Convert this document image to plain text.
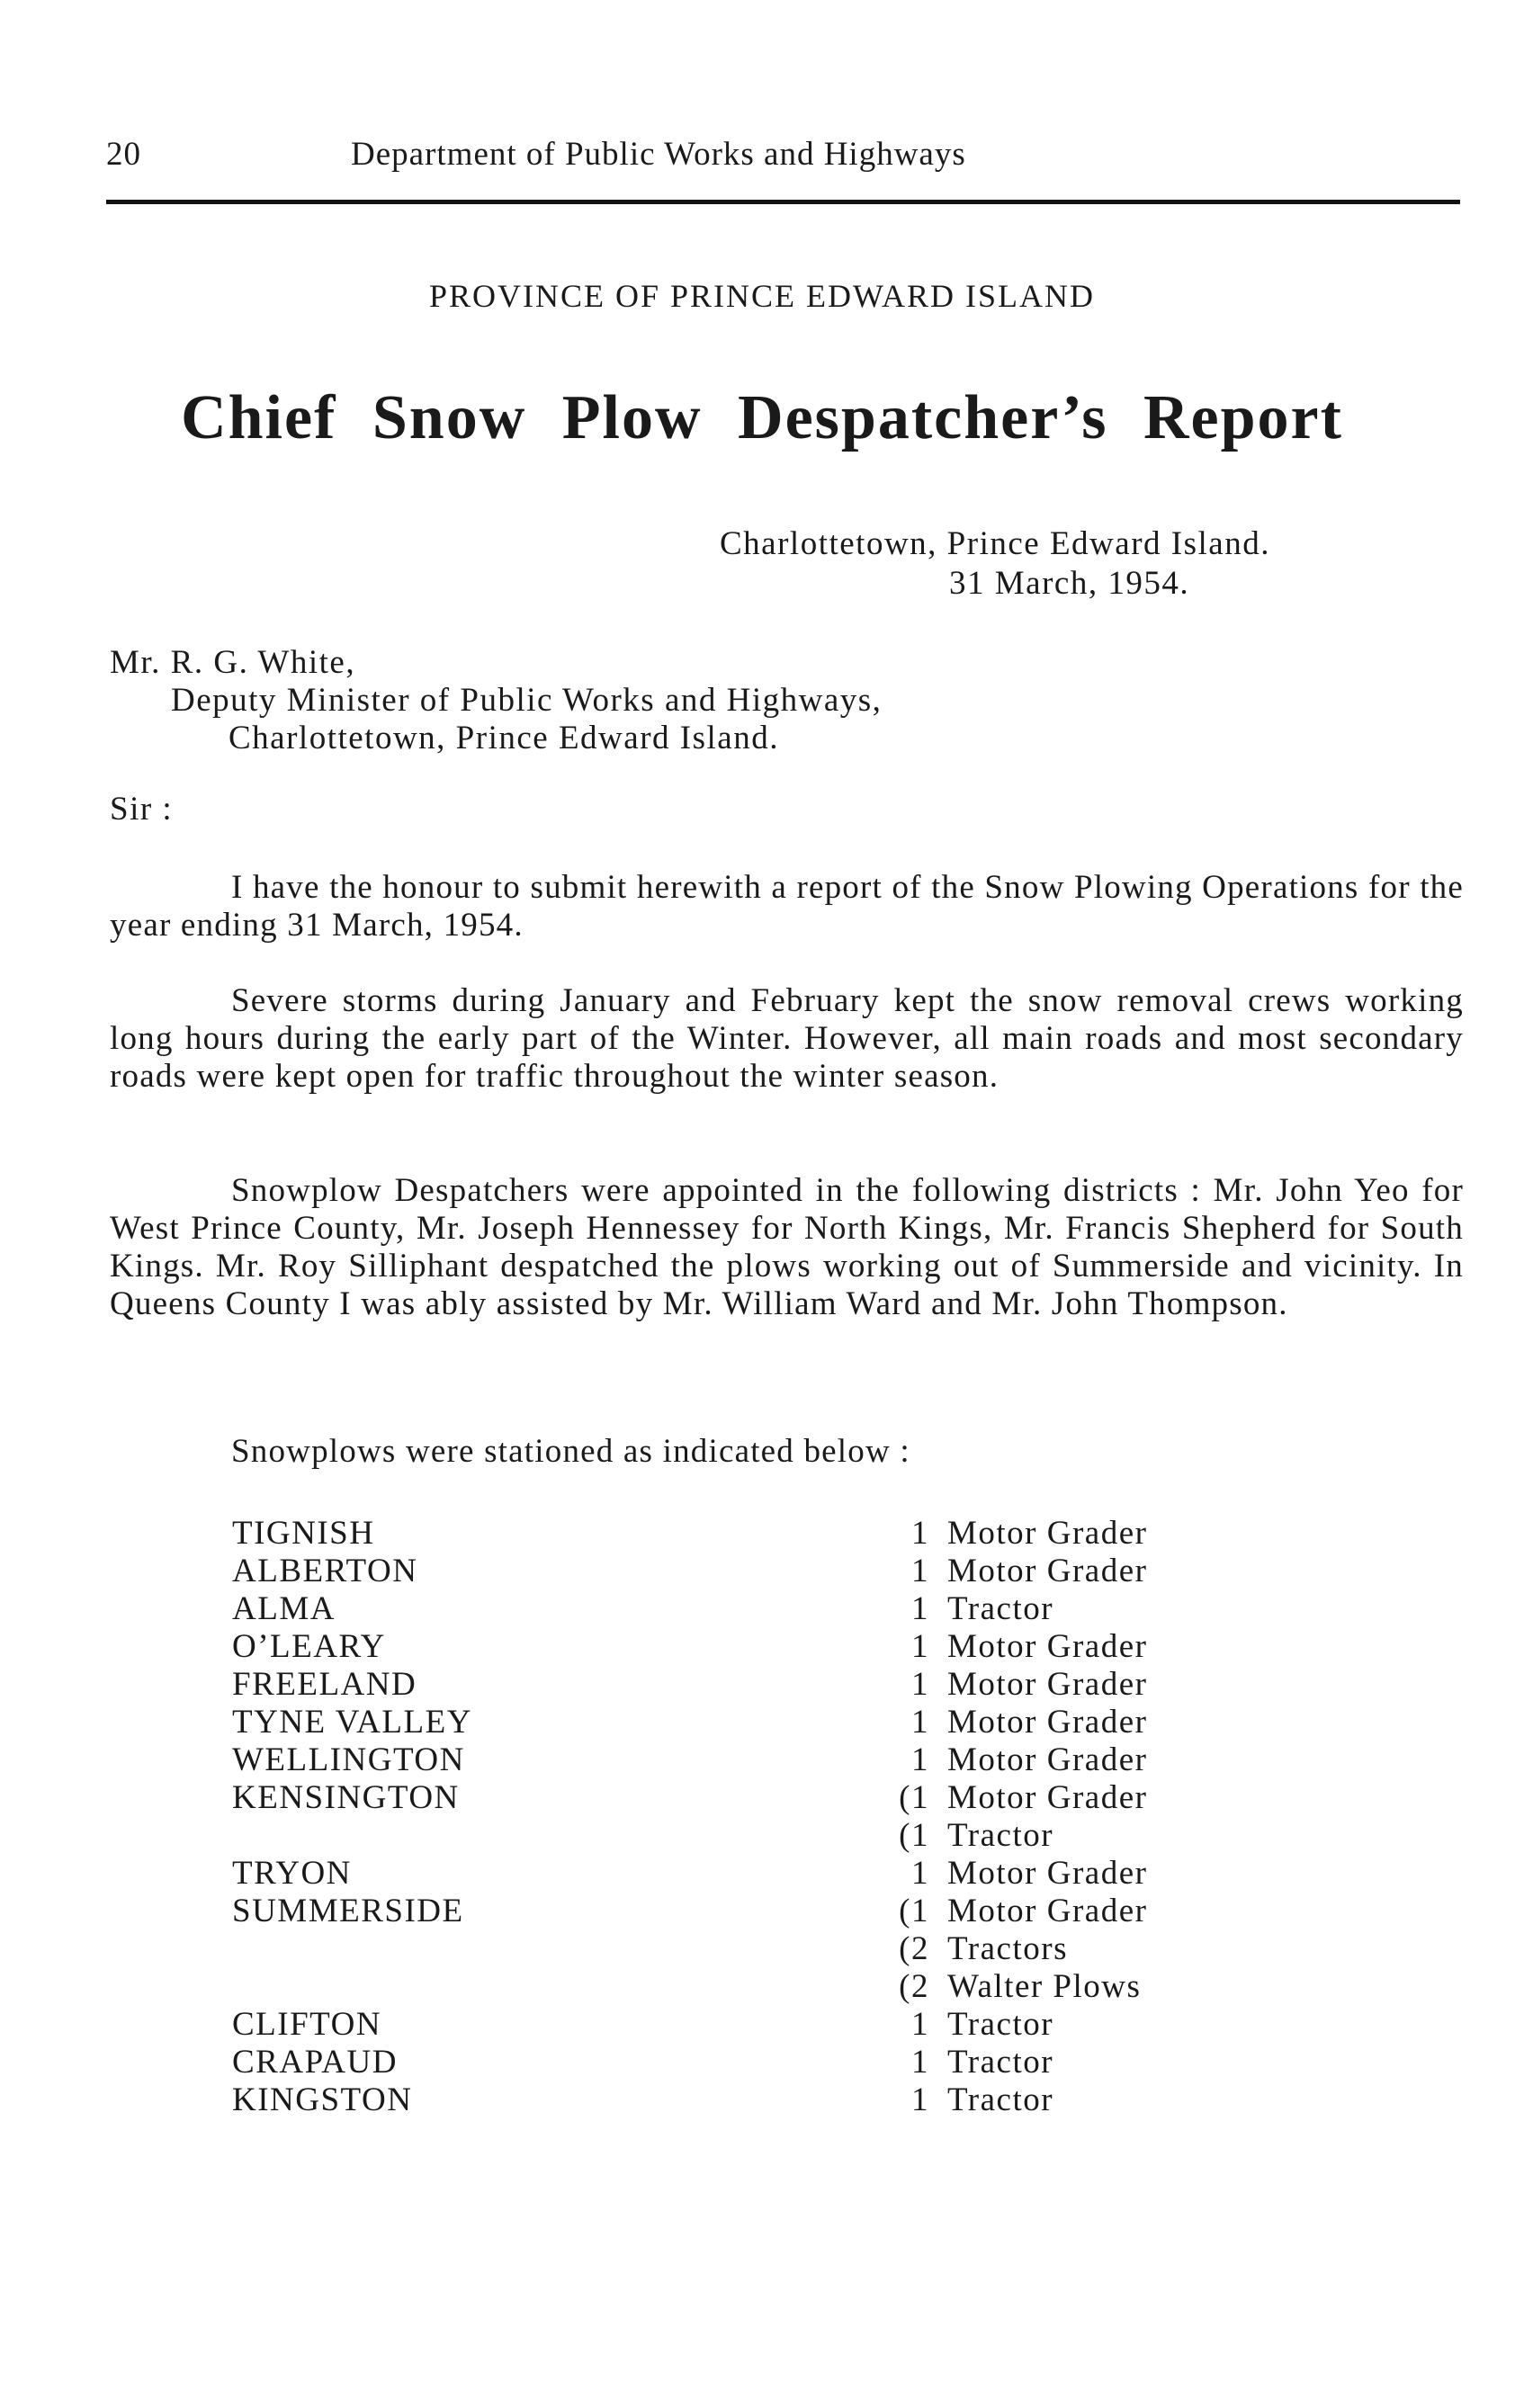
20	Department of Public Works and Highways
PROVINCE OF PRINCE EDWARD ISLAND
Chief Snow Plow Despatcher’s Report
Charlottetown, Prince Edward Island.
31 March, 1954.
Mr. R. G. White,
Deputy Minister of Public Works and Highways,
Charlottetown, Prince Edward Island.
Sir :

I have the honour to submit herewith a report of the Snow Plowing Operations for the year ending 31 March, 1954.

Severe storms during January and February kept the snow removal crews working long hours during the early part of the Winter. However, all main roads and most secondary roads were kept open for traffic throughout the winter season.

Snowplow Despatchers were appointed in the following districts : Mr. John Yeo for West Prince County, Mr. Joseph Hennessey for North Kings, Mr. Francis Shepherd for South Kings. Mr. Roy Silliphant despatched the plows working out of Summerside and vicinity. In Queens County I was ably assisted by Mr. William Ward and Mr. John Thompson.

Snowplows were stationed as indicated below :

TIGNISH	1 Motor Grader
ALBERTON	1 Motor Grader
ALMA	1 Tractor
O’LEARY	1 Motor Grader
FREELAND	1 Motor Grader
TYNE VALLEY	1 Motor Grader
WELLINGTON	1 Motor Grader
KENSINGTON	(1 Motor Grader
(1 Tractor
TRYON	1 Motor Grader
SUMMERSIDE	(1 Motor Grader
(2 Tractors
(2 Walter Plows
CLIFTON	1 Tractor
CRAPAUD	1 Tractor
KINGSTON	1 Tractor
